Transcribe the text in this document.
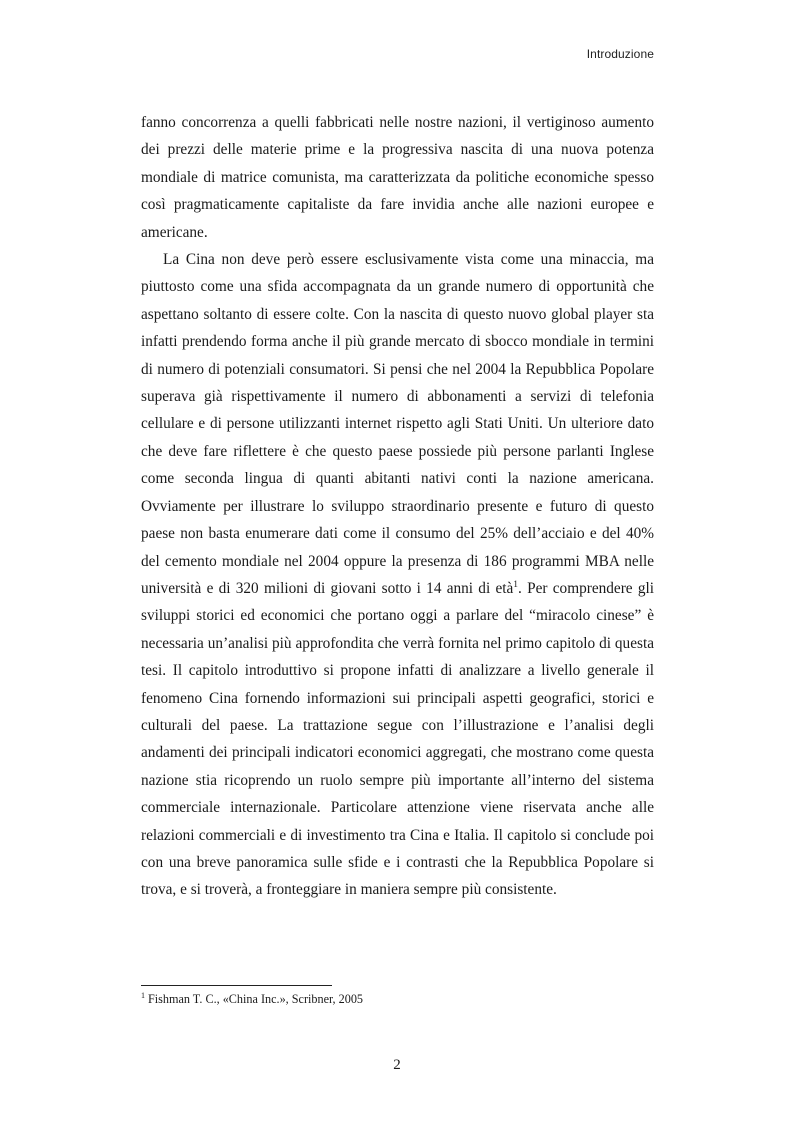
Introduzione

fanno concorrenza a quelli fabbricati nelle nostre nazioni, il vertiginoso aumento dei prezzi delle materie prime e la progressiva nascita di una nuova potenza mondiale di matrice comunista, ma caratterizzata da politiche economiche spesso così pragmaticamente capitaliste da fare invidia anche alle nazioni europee e americane.

La Cina non deve però essere esclusivamente vista come una minaccia, ma piuttosto come una sfida accompagnata da un grande numero di opportunità che aspettano soltanto di essere colte. Con la nascita di questo nuovo global player sta infatti prendendo forma anche il più grande mercato di sbocco mondiale in termini di numero di potenziali consumatori. Si pensi che nel 2004 la Repubblica Popolare superava già rispettivamente il numero di abbonamenti a servizi di telefonia cellulare e di persone utilizzanti internet rispetto agli Stati Uniti. Un ulteriore dato che deve fare riflettere è che questo paese possiede più persone parlanti Inglese come seconda lingua di quanti abitanti nativi conti la nazione americana. Ovviamente per illustrare lo sviluppo straordinario presente e futuro di questo paese non basta enumerare dati come il consumo del 25% dell’acciaio e del 40% del cemento mondiale nel 2004 oppure la presenza di 186 programmi MBA nelle università e di 320 milioni di giovani sotto i 14 anni di età$^1$. Per comprendere gli sviluppi storici ed economici che portano oggi a parlare del “miracolo cinese” è necessaria un’analisi più approfondita che verrà fornita nel primo capitolo di questa tesi. Il capitolo introduttivo si propone infatti di analizzare a livello generale il fenomeno Cina fornendo informazioni sui principali aspetti geografici, storici e culturali del paese. La trattazione segue con l’illustrazione e l’analisi degli andamenti dei principali indicatori economici aggregati, che mostrano come questa nazione stia ricoprendo un ruolo sempre più importante all’interno del sistema commerciale internazionale. Particolare attenzione viene riservata anche alle relazioni commerciali e di investimento tra Cina e Italia. Il capitolo si conclude poi con una breve panoramica sulle sfide e i contrasti che la Repubblica Popolare si trova, e si troverà, a fronteggiare in maniera sempre più consistente.

$^1$ Fishman T. C., «China Inc.», Scribner, 2005
2
